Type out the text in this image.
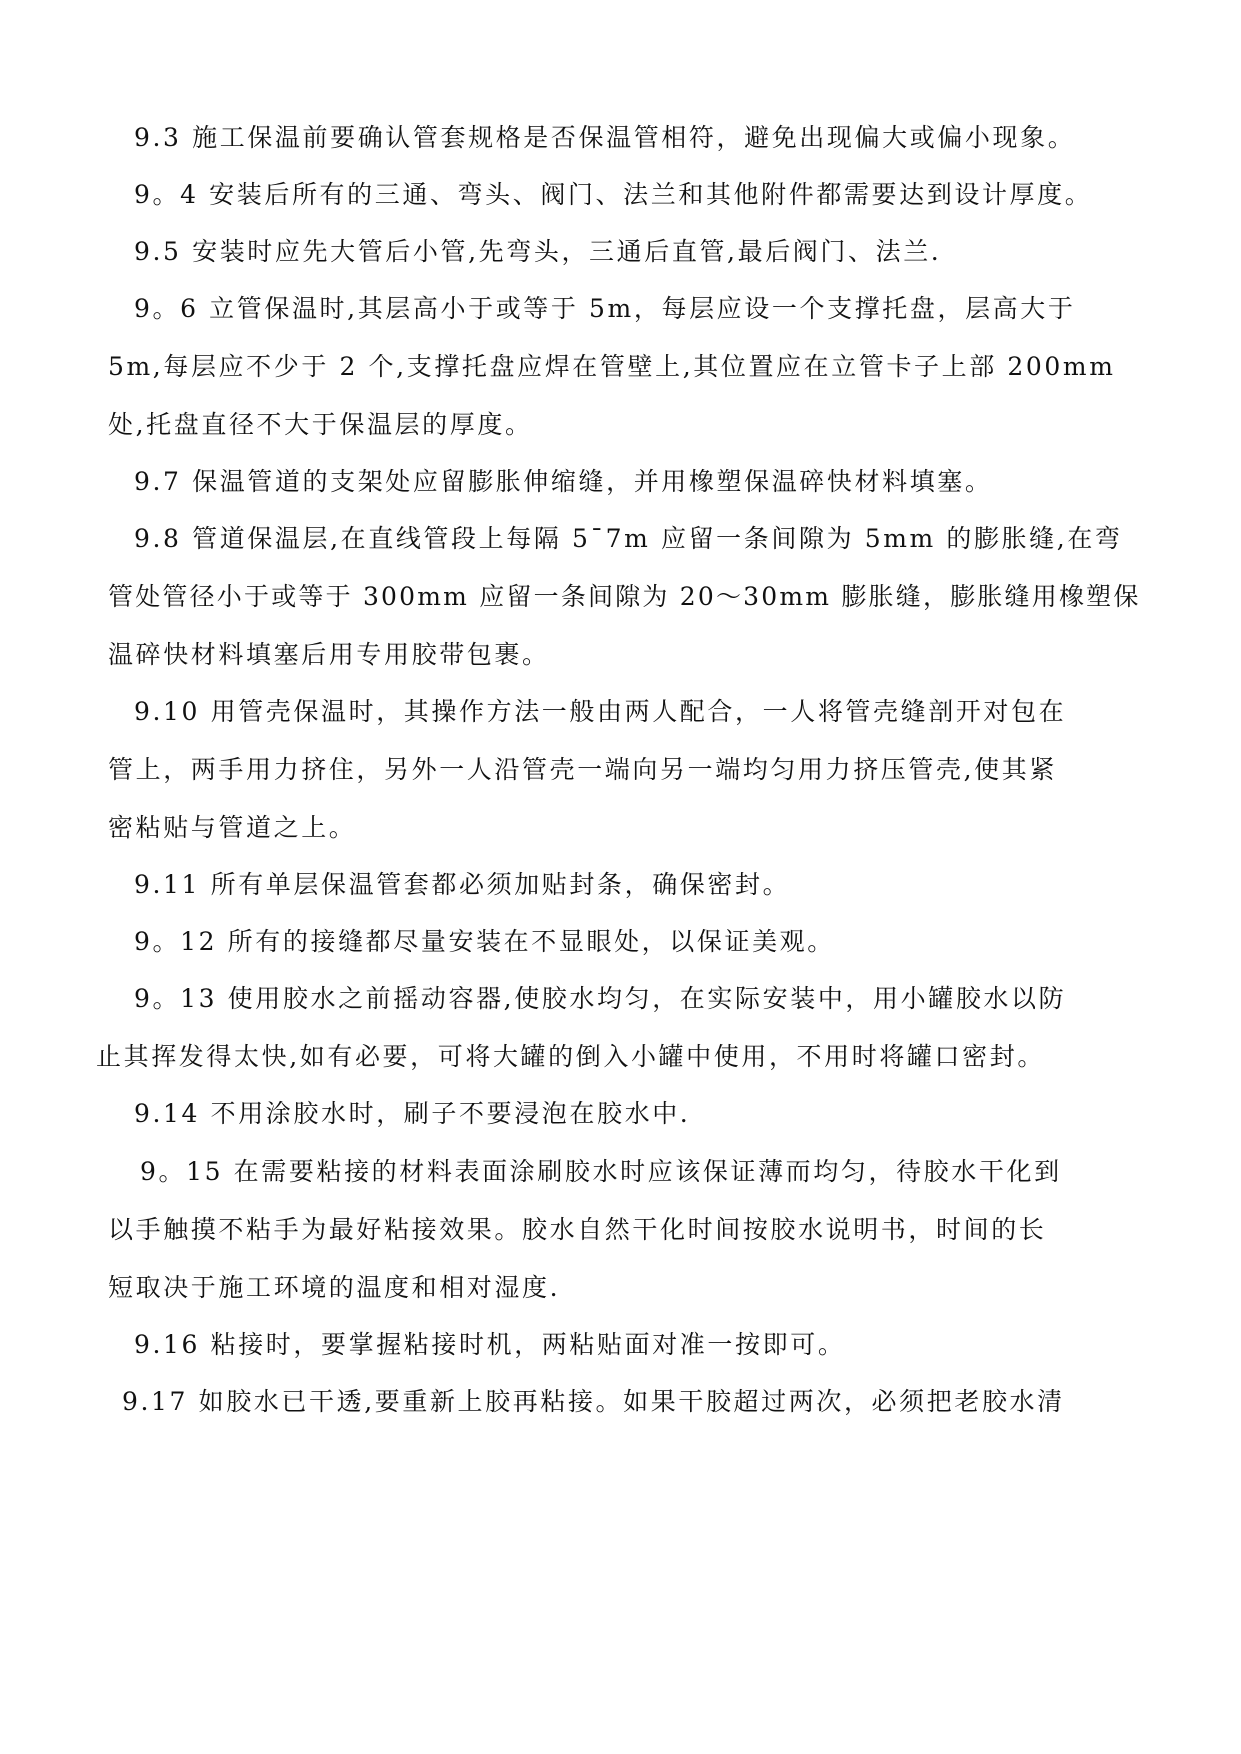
9.3 施工保温前要确认管套规格是否保温管相符，避免出现偏大或偏小现象。
9。4 安装后所有的三通、弯头、阀门、法兰和其他附件都需要达到设计厚度。
9.5 安装时应先大管后小管,先弯头，三通后直管,最后阀门、法兰.
9。6 立管保温时,其层高小于或等于 5m，每层应设一个支撑托盘，层高大于
5m,每层应不少于 2 个,支撑托盘应焊在管壁上,其位置应在立管卡子上部 200mm
处,托盘直径不大于保温层的厚度。
9.7 保温管道的支架处应留膨胀伸缩缝，并用橡塑保温碎快材料填塞。
9.8 管道保温层,在直线管段上每隔 5¯7m 应留一条间隙为 5mm 的膨胀缝,在弯
管处管径小于或等于 300mm 应留一条间隙为 20～30mm 膨胀缝，膨胀缝用橡塑保
温碎快材料填塞后用专用胶带包裹。
9.10 用管壳保温时，其操作方法一般由两人配合，一人将管壳缝剖开对包在
管上，两手用力挤住，另外一人沿管壳一端向另一端均匀用力挤压管壳,使其紧
密粘贴与管道之上。
9.11 所有单层保温管套都必须加贴封条，确保密封。
9。12 所有的接缝都尽量安装在不显眼处，以保证美观。
9。13 使用胶水之前摇动容器,使胶水均匀，在实际安装中，用小罐胶水以防
止其挥发得太快,如有必要，可将大罐的倒入小罐中使用，不用时将罐口密封。
9.14 不用涂胶水时，刷子不要浸泡在胶水中.
9。15 在需要粘接的材料表面涂刷胶水时应该保证薄而均匀，待胶水干化到
以手触摸不粘手为最好粘接效果。胶水自然干化时间按胶水说明书，时间的长
短取决于施工环境的温度和相对湿度.
9.16 粘接时，要掌握粘接时机，两粘贴面对准一按即可。
9.17 如胶水已干透,要重新上胶再粘接。如果干胶超过两次，必须把老胶水清
